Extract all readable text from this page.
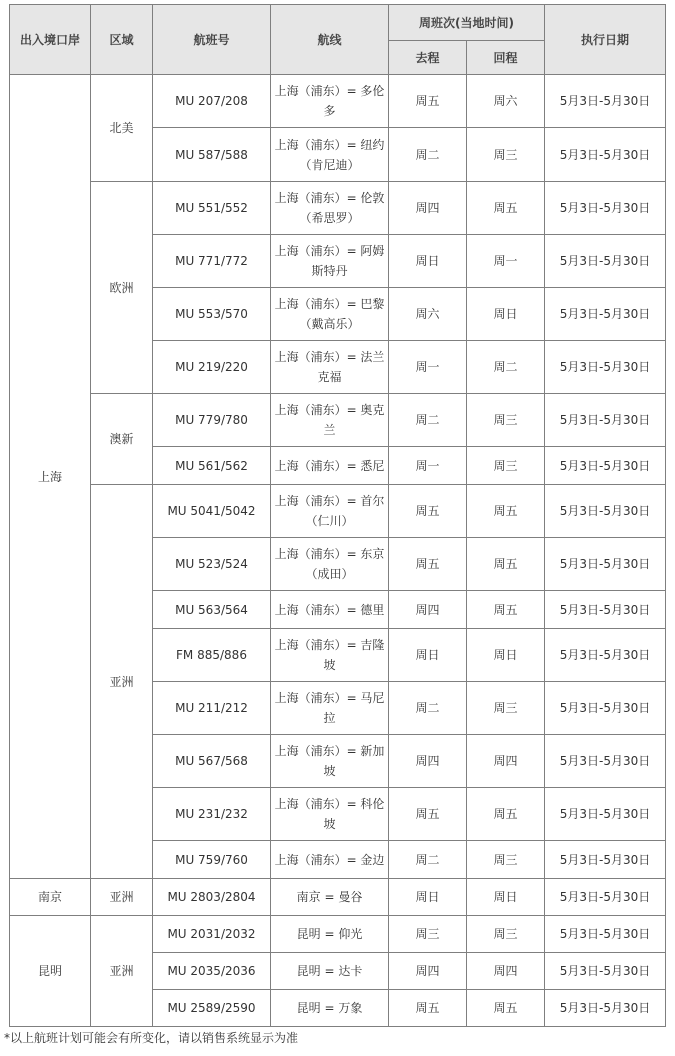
出入境口岸	区域	航班号	航线	周班次(当地时间)		执行日期
				去程	回程	
上海	北美	MU 207/208	上海（浦东）= 多伦多	周五	周六	5月3日-5月30日
		MU 587/588	上海（浦东）= 纽约（肯尼迪）	周二	周三	5月3日-5月30日
	欧洲	MU 551/552	上海（浦东）= 伦敦（希思罗）	周四	周五	5月3日-5月30日
		MU 771/772	上海（浦东）= 阿姆斯特丹	周日	周一	5月3日-5月30日
		MU 553/570	上海（浦东）= 巴黎（戴高乐）	周六	周日	5月3日-5月30日
		MU 219/220	上海（浦东）= 法兰克福	周一	周二	5月3日-5月30日
	澳新	MU 779/780	上海（浦东）= 奥克兰	周二	周三	5月3日-5月30日
		MU 561/562	上海（浦东）= 悉尼	周一	周三	5月3日-5月30日
	亚洲	MU 5041/5042	上海（浦东）= 首尔（仁川）	周五	周五	5月3日-5月30日
		MU 523/524	上海（浦东）= 东京（成田）	周五	周五	5月3日-5月30日
		MU 563/564	上海（浦东）= 德里	周四	周五	5月3日-5月30日
		FM 885/886	上海（浦东）= 吉隆坡	周日	周日	5月3日-5月30日
		MU 211/212	上海（浦东）= 马尼拉	周二	周三	5月3日-5月30日
		MU 567/568	上海（浦东）= 新加坡	周四	周四	5月3日-5月30日
		MU 231/232	上海（浦东）= 科伦坡	周五	周五	5月3日-5月30日
		MU 759/760	上海（浦东）= 金边	周二	周三	5月3日-5月30日
南京	亚洲	MU 2803/2804	南京 = 曼谷	周日	周日	5月3日-5月30日
昆明	亚洲	MU 2031/2032	昆明 = 仰光	周三	周三	5月3日-5月30日
		MU 2035/2036	昆明 = 达卡	周四	周四	5月3日-5月30日
		MU 2589/2590	昆明 = 万象	周五	周五	5月3日-5月30日
*以上航班计划可能会有所变化，请以销售系统显示为准
